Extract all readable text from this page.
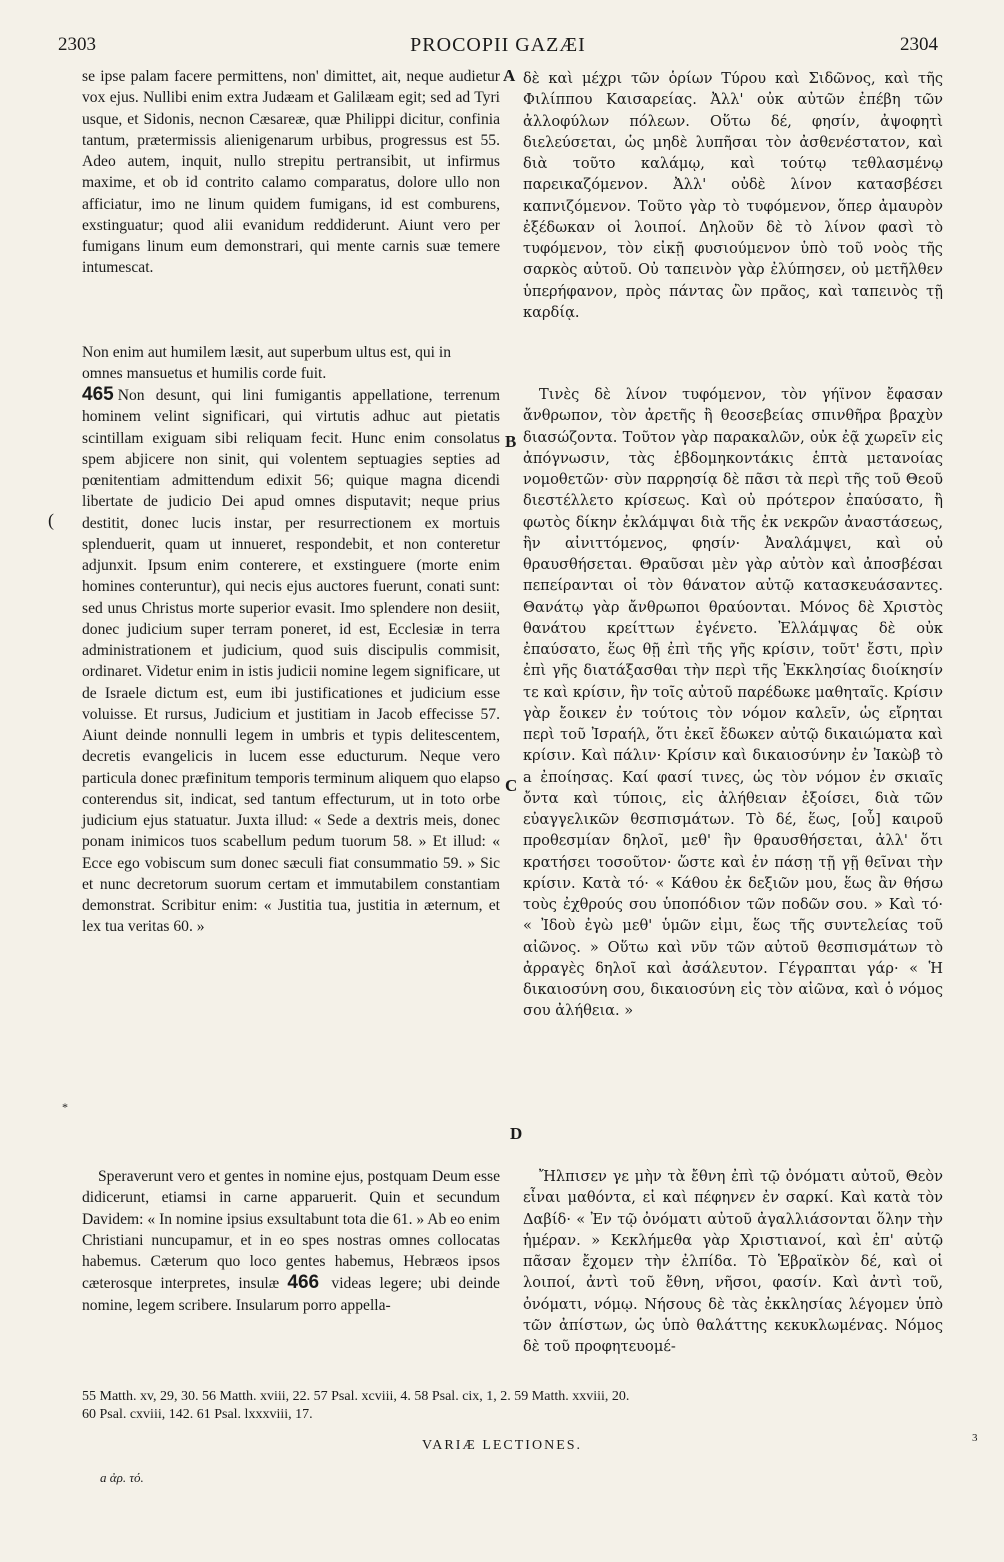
2303	PROCOPII GAZÆI	2304

se ipse palam facere permittens, non' dimittet, ait, neque audietur vox ejus. Nullibi enim extra Judæam et Galilæam egit; sed ad Tyri usque, et Sidonis, necnon Cæsareæ, quæ Philippi dicitur, confinia tantum, prætermissis alienigenarum urbibus, progressus est 55. Adeo autem, inquit, nullo strepitu pertransibit, ut infirmus maxime, et ob id contrito calamo comparatus, dolore ullo non afficiatur, imo ne linum quidem fumigans, id est comburens, exstinguatur; quod alii evanidum reddiderunt. Aiunt vero per fumigans linum eum demonstrari, qui mente carnis suæ temere intumescat.

A δὲ καὶ μέχρι τῶν ὁρίων Τύρου καὶ Σιδῶνος, καὶ τῆς Φιλίππου Καισαρείας. Ἀλλ' οὐκ αὐτῶν ἐπέβη τῶν ἀλλοφύλων πόλεων. Οὕτω δέ, φησίν, ἀψοφητὶ διελεύσεται, ὡς μηδὲ λυπῆσαι τὸν ἀσθενέστατον, καὶ διὰ τοῦτο καλάμῳ, καὶ τούτῳ τεθλασμένῳ παρεικαζόμενον. Ἀλλ' οὐδὲ λίνον κατασβέσει καπνιζόμενον. Τοῦτο γὰρ τὸ τυφόμενον, ὅπερ ἀμαυρὸν ἐξέδωκαν οἱ λοιποί. Δηλοῦν δὲ τὸ λίνον φασὶ τὸ τυφόμενον, τὸν εἰκῇ φυσιούμενον ὑπὸ τοῦ νοὸς τῆς σαρκὸς αὐτοῦ. Οὐ ταπεινὸν γὰρ ἐλύπησεν, οὐ μετῆλθεν ὑπερήφανον, πρὸς πάντας ὢν πρᾶος, καὶ ταπεινὸς τῇ καρδίᾳ.

Non enim aut humilem læsit, aut superbum ultus est, qui in
omnes mansuetus et humilis corde fuit.

465 Non desunt, qui lini fumigantis appellatione, terrenum hominem velint significari, qui virtutis adhuc aut pietatis scintillam exiguam sibi reliquam fecit. Hunc enim consolatus spem abjicere non sinit, qui volentem septuagies septies ad pœnitentiam admittendum edixit 56; quique magna dicendi libertate de judicio Dei apud omnes disputavit; neque prius destitit, donec lucis instar, per resurrectionem ex mortuis splenduerit, quam ut innueret, respondebit, et non conteretur adjunxit. Ipsum enim conterere, et exstinguere (morte enim homines conteruntur), qui necis ejus auctores fuerunt, conati sunt: sed unus Christus morte superior evasit. Imo splendere non desiit, donec judicium super terram poneret, id est, Ecclesiæ in terra administrationem et judicium, quod suis discipulis commisit, ordinaret. Videtur enim in istis judicii nomine legem significare, ut de Israele dictum est, eum ibi justificationes et judicium esse voluisse. Et rursus, Judicium et justitiam in Jacob effecisse 57. Aiunt deinde nonnulli legem in umbris et typis delitescentem, decretis evangelicis in lucem esse educturum. Neque vero particula donec præfinitum temporis terminum aliquem quo elapso conterendus sit, indicat, sed tantum effecturum, ut in toto orbe judicium ejus statuatur. Juxta illud: « Sede a dextris meis, donec ponam inimicos tuos scabellum pedum tuorum 58. » Et illud: « Ecce ego vobiscum sum donec sæculi fiat consummatio 59. » Sic et nunc decretorum suorum certam et immutabilem constantiam demonstrat. Scribitur enim: « Justitia tua, justitia in æternum, et lex tua veritas 60. »

B
C
D

Τινὲς δὲ λίνον τυφόμενον, τὸν γήϊνον ἔφασαν ἄνθρωπον, τὸν ἀρετῆς ἢ θεοσεβείας σπινθῆρα βραχὺν διασώζοντα. Τοῦτον γὰρ παρακαλῶν, οὐκ ἐᾷ χωρεῖν εἰς ἀπόγνωσιν, τὰς ἑβδομηκοντάκις ἑπτὰ μετανοίας νομοθετῶν· σὺν παρρησίᾳ δὲ πᾶσι τὰ περὶ τῆς τοῦ Θεοῦ διεστέλλετο κρίσεως. Καὶ οὐ πρότερον ἐπαύσατο, ἢ φωτὸς δίκην ἐκλάμψαι διὰ τῆς ἐκ νεκρῶν ἀναστάσεως, ἣν αἰνιττόμενος, φησίν· Ἀναλάμψει, καὶ οὐ θραυσθήσεται. Θραῦσαι μὲν γὰρ αὐτὸν καὶ ἀποσβέσαι πεπείρανται οἱ τὸν θάνατον αὐτῷ κατασκευάσαντες. Θανάτῳ γὰρ ἄνθρωποι θραύονται. Μόνος δὲ Χριστὸς θανάτου κρείττων ἐγένετο. Ἐλλάμψας δὲ οὐκ ἐπαύσατο, ἕως θῇ ἐπὶ τῆς γῆς κρίσιν, τοῦτ' ἔστι, πρὶν ἐπὶ γῆς διατάξασθαι τὴν περὶ τῆς Ἐκκλησίας διοίκησίν τε καὶ κρίσιν, ἣν τοῖς αὐτοῦ παρέδωκε μαθηταῖς. Κρίσιν γὰρ ἔοικεν ἐν τούτοις τὸν νόμον καλεῖν, ὡς εἴρηται περὶ τοῦ Ἰσραήλ, ὅτι ἐκεῖ ἔδωκεν αὐτῷ δικαιώματα καὶ κρίσιν. Καὶ πάλιν· Κρίσιν καὶ δικαιοσύνην ἐν Ἰακὼβ τὸ a ἐποίησας. Καί φασί τινες, ὡς τὸν νόμον ἐν σκιαῖς ὄντα καὶ τύποις, εἰς ἀλήθειαν ἐξοίσει, διὰ τῶν εὐαγγελικῶν θεσπισμάτων. Τὸ δέ, ἕως, [οὗ] καιροῦ προθεσμίαν δηλοῖ, μεθ' ἣν θραυσθήσεται, ἀλλ' ὅτι κρατήσει τοσοῦτον· ὥστε καὶ ἐν πάσῃ τῇ γῇ θεῖναι τὴν κρίσιν. Κατὰ τό· « Κάθου ἐκ δεξιῶν μου, ἕως ἂν θήσω τοὺς ἐχθρούς σου ὑποπόδιον τῶν ποδῶν σου. » Καὶ τό· « Ἰδοὺ ἐγὼ μεθ' ὑμῶν εἰμι, ἕως τῆς συντελείας τοῦ αἰῶνος. » Οὕτω καὶ νῦν τῶν αὐτοῦ θεσπισμάτων τὸ ἀρραγὲς δηλοῖ καὶ ἀσάλευτον. Γέγραπται γάρ· « Ἡ δικαιοσύνη σου, δικαιοσύνη εἰς τὸν αἰῶνα, καὶ ὁ νόμος σου ἀλήθεια. »

Speraverunt vero et gentes in nomine ejus, postquam Deum esse didicerunt, etiamsi in carne apparuerit. Quin et secundum Davidem: « In nomine ipsius exsultabunt tota die 61. » Ab eo enim Christiani nuncupamur, et in eo spes nostras omnes collocatas habemus. Cæterum quo loco gentes habemus, Hebræos ipsos cæterosque interpretes, insulæ 466 videas legere; ubi deinde nomine, legem scribere. Insularum porro appella-

Ἤλπισεν γε μὴν τὰ ἔθνη ἐπὶ τῷ ὀνόματι αὐτοῦ, Θεὸν εἶναι μαθόντα, εἰ καὶ πέφηνεν ἐν σαρκί. Καὶ κατὰ τὸν Δαβίδ· « Ἐν τῷ ὀνόματι αὐτοῦ ἀγαλλιάσονται ὅλην τὴν ἡμέραν. » Κεκλήμεθα γὰρ Χριστιανοί, καὶ ἐπ' αὐτῷ πᾶσαν ἔχομεν τὴν ἐλπίδα. Τὸ Ἑβραϊκὸν δέ, καὶ οἱ λοιποί, ἀντὶ τοῦ ἔθνη, νῆσοι, φασίν. Καὶ ἀντὶ τοῦ, ὀνόματι, νόμῳ. Νήσους δὲ τὰς ἐκκλησίας λέγομεν ὑπὸ τῶν ἀπίστων, ὡς ὑπὸ θαλάττης κεκυκλωμένας. Νόμος δὲ τοῦ προφητευομέ-

55 Matth. xv, 29, 30. 56 Matth. xviii, 22. 57 Psal. xcviii, 4. 58 Psal. cix, 1, 2. 59 Matth. xxviii, 20.
60 Psal. cxviii, 142. 61 Psal. lxxxviii, 17.
VARIÆ LECTIONES.
a ἀρ. τό.
(
*
3
